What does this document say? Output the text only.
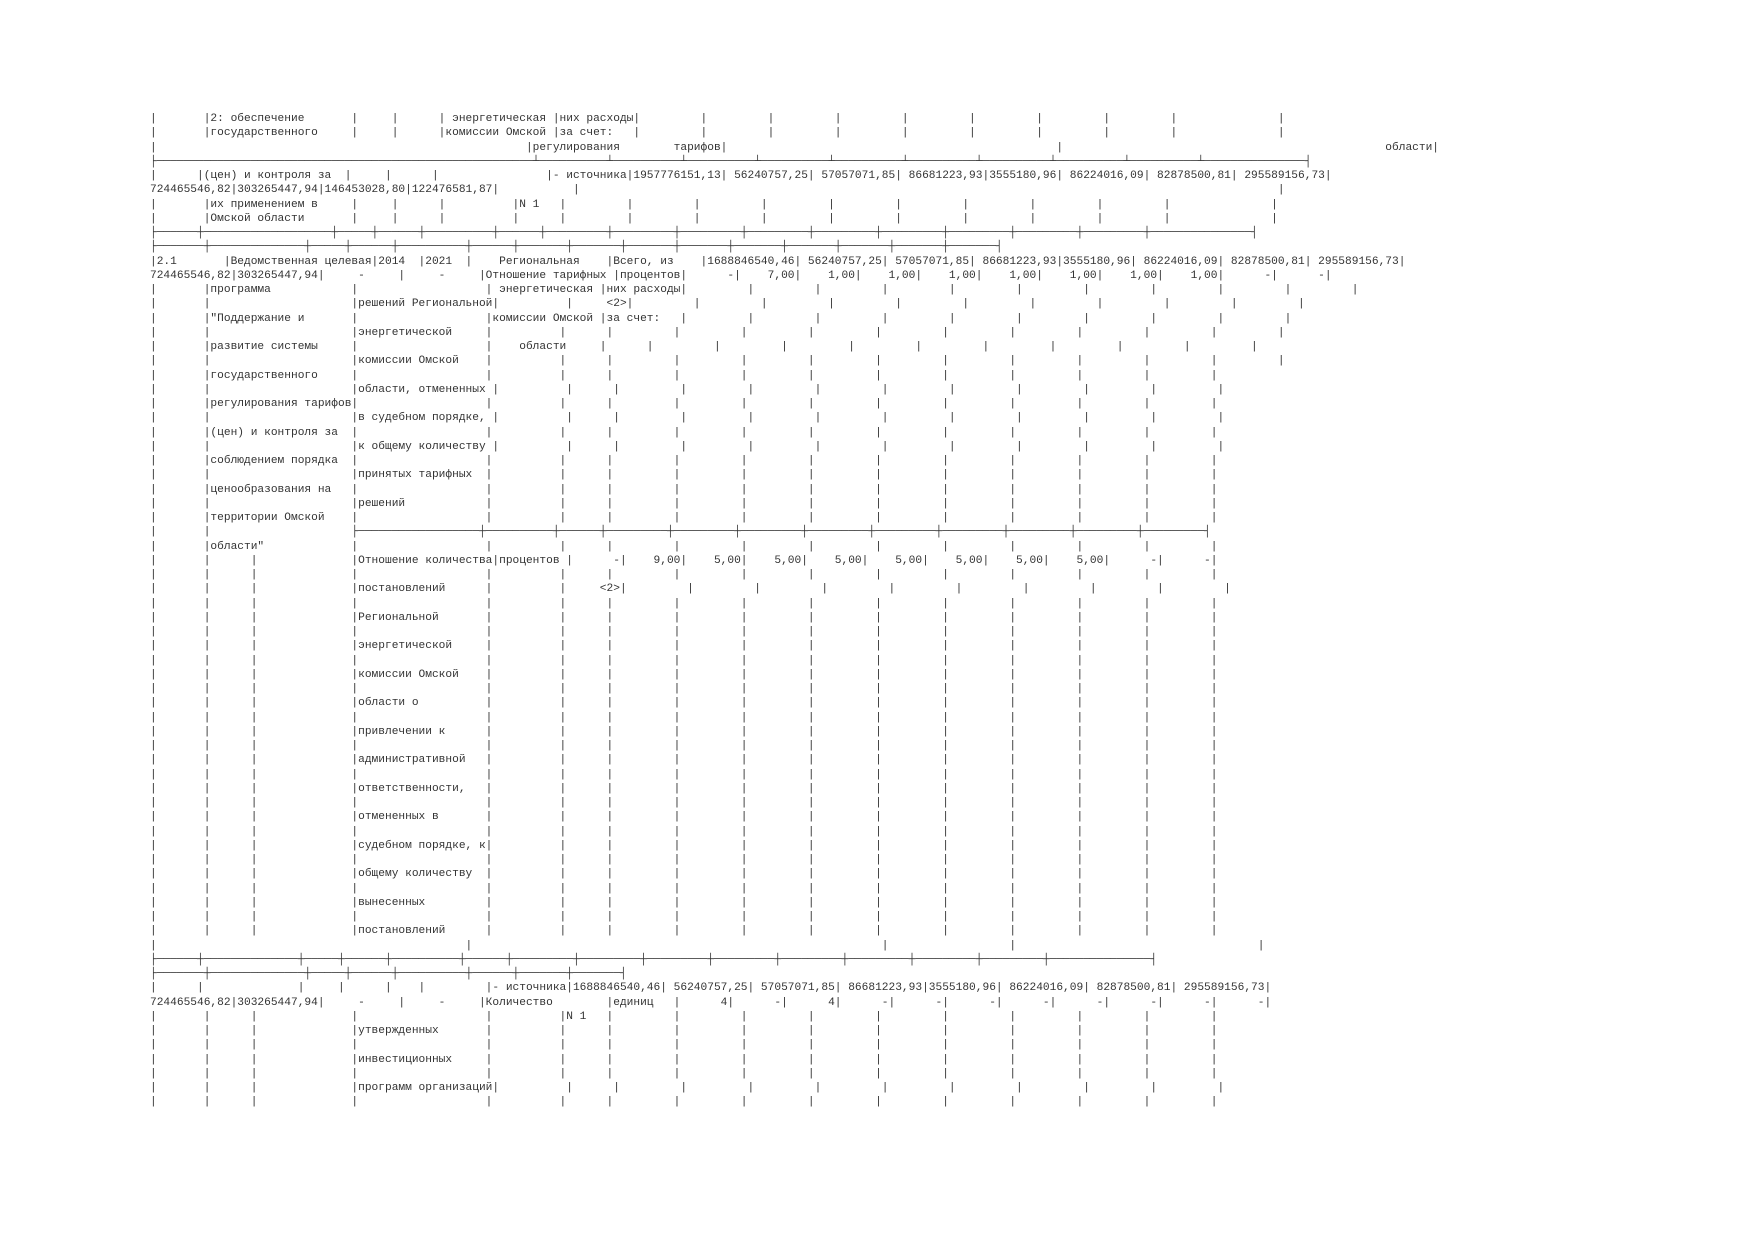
|       |2: обеспечение       |     |      | энергетическая |них расходы|         |         |         |         |         |         |         |         |               |
|       |государственного     |     |      |комиссии Омской |за счет:   |         |         |         |         |         |         |         |         |               |
|                                                       |регулирования        тарифов|                                                 |                                                области|
├────────────────────────────────────────────────────────┴──────────┴──────────┴──────────┴──────────┴──────────┴──────────┴──────────┴──────────┴──────────┴───────────────┤
|      |(цен) и контроля за  |     |      |                |- источника|1957776151,13| 56240757,25| 57057071,85| 86681223,93|3555180,96| 86224016,09| 82878500,81| 295589156,73|
724465546,82|303265447,94|146453028,80|122476581,87|           |                                                                                                        |
|       |их применением в     |     |      |          |N 1   |         |         |         |         |         |         |         |         |         |               |
|       |Омской области       |     |      |          |      |         |         |         |         |         |         |         |         |         |               |
├──────┼───────────────────┼─────┼──────┼──────────┼──────┼─────────┼─────────┼─────────┼─────────┼─────────┼─────────┼─────────┼─────────┼─────────┼───────────────┤
├───────┼──────────────┼─────┼──────┼──────────┼──────┼───────┼───────┼───────┼───────┼───────┼───────┼───────┼───────┼───────┤
|2.1       |Ведомственная целевая|2014  |2021  |    Региональная    |Всего, из    |1688846540,46| 56240757,25| 57057071,85| 86681223,93|3555180,96| 86224016,09| 82878500,81| 295589156,73|
724465546,82|303265447,94|     -     |     -     |Отношение тарифных |процентов|      -|    7,00|    1,00|    1,00|    1,00|    1,00|    1,00|    1,00|    1,00|      -|      -|
|       |программа            |                   | энергетическая |них расходы|         |         |         |         |         |         |         |         |         |         |
|       |                     |решений Региональной|          |     <2>|         |         |         |         |         |         |         |         |         |         |
|       |"Поддержание и       |                   |комиссии Омской |за счет:   |         |         |         |         |         |         |         |         |         |
|       |                     |энергетической     |          |      |         |         |         |         |         |         |         |         |         |         |
|       |развитие системы     |                   |    области     |      |         |         |         |         |         |         |         |         |         |
|       |                     |комиссии Омской    |          |      |         |         |         |         |         |         |         |         |         |         |
|       |государственного     |                   |          |      |         |         |         |         |         |         |         |         |         |
|       |                     |области, отмененных |          |      |         |         |         |         |         |         |         |         |         |
|       |регулирования тарифов|                   |          |      |         |         |         |         |         |         |         |         |         |
|       |                     |в судебном порядке, |          |      |         |         |         |         |         |         |         |         |         |
|       |(цен) и контроля за  |                   |          |      |         |         |         |         |         |         |         |         |         |
|       |                     |к общему количеству |          |      |         |         |         |         |         |         |         |         |         |
|       |соблюдением порядка  |                   |          |      |         |         |         |         |         |         |         |         |         |
|       |                     |принятых тарифных  |          |      |         |         |         |         |         |         |         |         |         |
|       |ценообразования на   |                   |          |      |         |         |         |         |         |         |         |         |         |
|       |                     |решений            |          |      |         |         |         |         |         |         |         |         |         |
|       |территории Омской    |                   |          |      |         |         |         |         |         |         |         |         |         |
|       |                     ├──────────────────┼──────────┼──────┼─────────┼─────────┼─────────┼─────────┼─────────┼─────────┼─────────┼─────────┼─────────┤
|       |области"             |                   |          |      |         |         |         |         |         |         |         |         |         |
|       |      |              |Отношение количества|процентов |      -|    9,00|    5,00|    5,00|    5,00|    5,00|    5,00|    5,00|    5,00|      -|      -|
|       |      |              |                   |          |      |         |         |         |         |         |         |         |         |         |
|       |      |              |постановлений      |          |     <2>|         |         |         |         |         |         |         |         |         |
|       |      |              |                   |          |      |         |         |         |         |         |         |         |         |         |
|       |      |              |Региональной       |          |      |         |         |         |         |         |         |         |         |         |
|       |      |              |                   |          |      |         |         |         |         |         |         |         |         |         |
|       |      |              |энергетической     |          |      |         |         |         |         |         |         |         |         |         |
|       |      |              |                   |          |      |         |         |         |         |         |         |         |         |         |
|       |      |              |комиссии Омской    |          |      |         |         |         |         |         |         |         |         |         |
|       |      |              |                   |          |      |         |         |         |         |         |         |         |         |         |
|       |      |              |области о          |          |      |         |         |         |         |         |         |         |         |         |
|       |      |              |                   |          |      |         |         |         |         |         |         |         |         |         |
|       |      |              |привлечении к      |          |      |         |         |         |         |         |         |         |         |         |
|       |      |              |                   |          |      |         |         |         |         |         |         |         |         |         |
|       |      |              |административной   |          |      |         |         |         |         |         |         |         |         |         |
|       |      |              |                   |          |      |         |         |         |         |         |         |         |         |         |
|       |      |              |ответственности,   |          |      |         |         |         |         |         |         |         |         |         |
|       |      |              |                   |          |      |         |         |         |         |         |         |         |         |         |
|       |      |              |отмененных в       |          |      |         |         |         |         |         |         |         |         |         |
|       |      |              |                   |          |      |         |         |         |         |         |         |         |         |         |
|       |      |              |судебном порядке, к|          |      |         |         |         |         |         |         |         |         |         |
|       |      |              |                   |          |      |         |         |         |         |         |         |         |         |         |
|       |      |              |общему количеству  |          |      |         |         |         |         |         |         |         |         |         |
|       |      |              |                   |          |      |         |         |         |         |         |         |         |         |         |
|       |      |              |вынесенных         |          |      |         |         |         |         |         |         |         |         |         |
|       |      |              |                   |          |      |         |         |         |         |         |         |         |         |         |
|       |      |              |постановлений      |          |      |         |         |         |         |         |         |         |         |         |
|                                              |                                                             |                  |                                    |
├──────┼──────────────┼─────┼──────┼──────────┼──────┼─────────┼─────────┼─────────┼─────────┼─────────┼─────────┼─────────┼─────────┼───────────────┤
├───────┼──────────────┼─────┼──────┼──────────┼──────┼───────┼───────┤
|      |              |     |      |    |         |- источника|1688846540,46| 56240757,25| 57057071,85| 86681223,93|3555180,96| 86224016,09| 82878500,81| 295589156,73|
724465546,82|303265447,94|     -     |     -     |Количество        |единиц   |      4|      -|      4|      -|      -|      -|      -|      -|      -|      -|      -|
|       |      |              |                   |          |N 1   |         |         |         |         |         |         |         |         |         |
|       |      |              |утвержденных       |          |      |         |         |         |         |         |         |         |         |         |
|       |      |              |                   |          |      |         |         |         |         |         |         |         |         |         |
|       |      |              |инвестиционных     |          |      |         |         |         |         |         |         |         |         |         |
|       |      |              |                   |          |      |         |         |         |         |         |         |         |         |         |
|       |      |              |программ организаций|          |      |         |         |         |         |         |         |         |         |         |
|       |      |              |                   |          |      |         |         |         |         |         |         |         |         |         |
